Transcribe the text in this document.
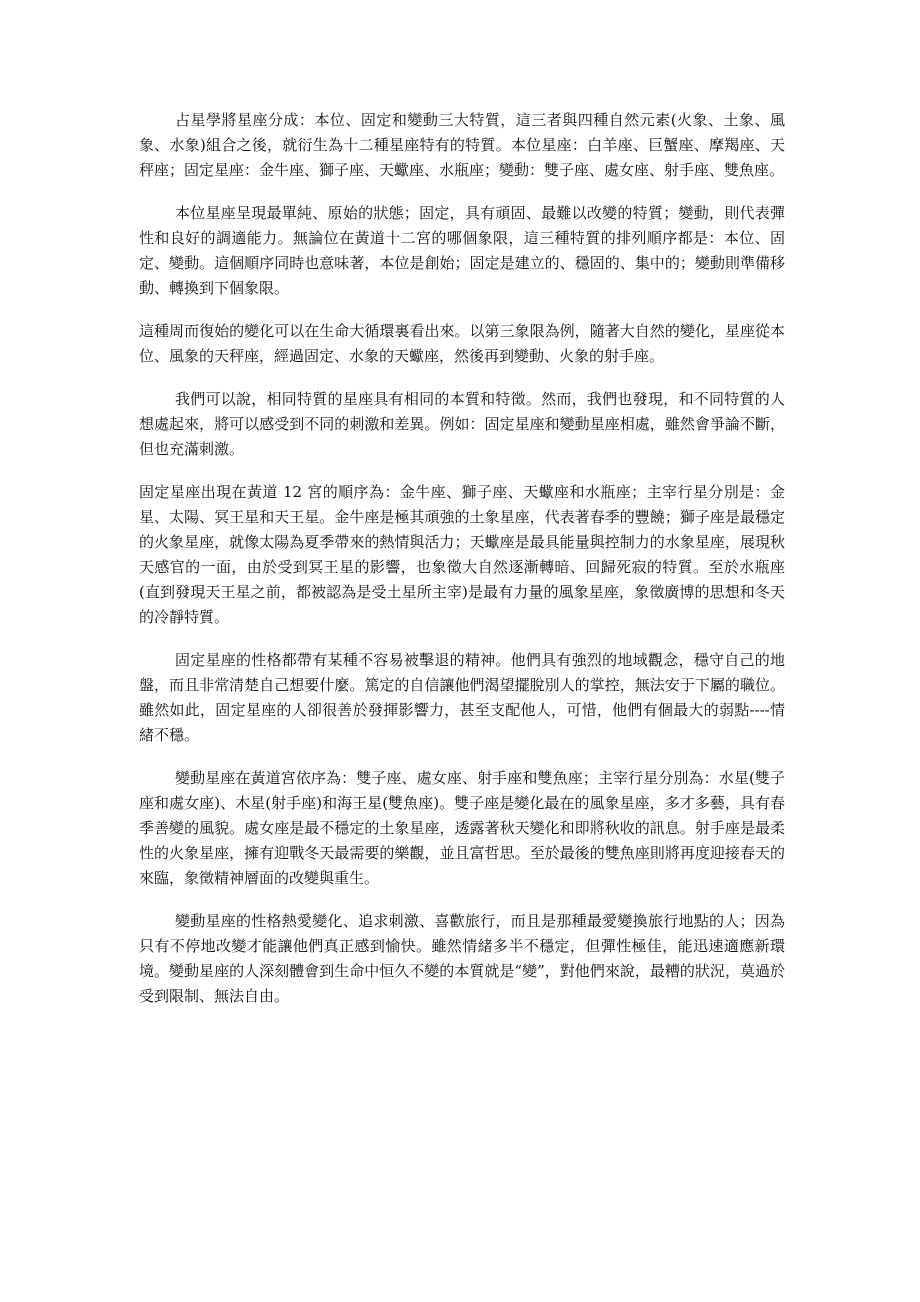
占星學將星座分成：本位、固定和變動三大特質，這三者與四種自然元素(火象、土象、風象、水象)組合之後，就衍生為十二種星座特有的特質。本位星座：白羊座、巨蟹座、摩羯座、天秤座；固定星座：金牛座、獅子座、天蠍座、水瓶座；變動：雙子座、處女座、射手座、雙魚座。

本位星座呈現最單純、原始的狀態；固定，具有頑固、最難以改變的特質；變動，則代表彈性和良好的調適能力。無論位在黃道十二宮的哪個象限，這三種特質的排列順序都是：本位、固定、變動。這個順序同時也意味著，本位是創始；固定是建立的、穩固的、集中的；變動則準備移動、轉換到下個象限。

這種周而復始的變化可以在生命大循環裏看出來。以第三象限為例，隨著大自然的變化，星座從本位、風象的天秤座，經過固定、水象的天蠍座，然後再到變動、火象的射手座。

我們可以說，相同特質的星座具有相同的本質和特徵。然而，我們也發現，和不同特質的人想處起來，將可以感受到不同的刺激和差異。例如：固定星座和變動星座相處，雖然會爭論不斷，但也充滿刺激。

固定星座出現在黃道 12 宮的順序為：金牛座、獅子座、天蠍座和水瓶座；主宰行星分別是：金星、太陽、冥王星和天王星。金牛座是極其頑強的土象星座，代表著春季的豐饒；獅子座是最穩定的火象星座，就像太陽為夏季帶來的熱情與活力；天蠍座是最具能量與控制力的水象星座，展現秋天感官的一面，由於受到冥王星的影響，也象徵大自然逐漸轉暗、回歸死寂的特質。至於水瓶座(直到發現天王星之前，都被認為是受土星所主宰)是最有力量的風象星座，象徵廣博的思想和冬天的冷靜特質。

固定星座的性格都帶有某種不容易被擊退的精神。他們具有強烈的地域觀念，穩守自己的地盤，而且非常清楚自己想要什麼。篤定的自信讓他們渴望擺脫別人的掌控，無法安于下屬的職位。雖然如此，固定星座的人卻很善於發揮影響力，甚至支配他人，可惜，他們有個最大的弱點----情緒不穩。

變動星座在黃道宮依序為：雙子座、處女座、射手座和雙魚座；主宰行星分別為：水星(雙子座和處女座)、木星(射手座)和海王星(雙魚座)。雙子座是變化最在的風象星座，多才多藝，具有春季善變的風貌。處女座是最不穩定的土象星座，透露著秋天變化和即將秋收的訊息。射手座是最柔性的火象星座，擁有迎戰冬天最需要的樂觀，並且富哲思。至於最後的雙魚座則將再度迎接春天的來臨，象徵精神層面的改變與重生。

變動星座的性格熱愛變化、追求刺激、喜歡旅行，而且是那種最愛變換旅行地點的人；因為只有不停地改變才能讓他們真正感到愉快。雖然情緒多半不穩定，但彈性極佳，能迅速適應新環境。變動星座的人深刻體會到生命中恒久不變的本質就是“變”，對他們來說，最糟的狀況，莫過於受到限制、無法自由。
